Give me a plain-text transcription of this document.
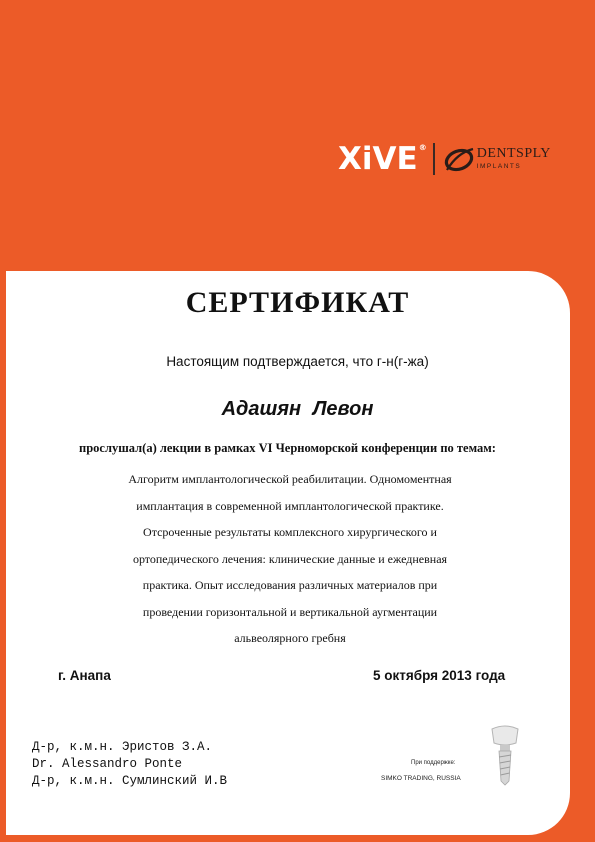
XiVE®	DENTSPLY
IMPLANTS
СЕРТИФИКАТ
Настоящим подтверждается, что г-н(г-жа)
Адашян Левон
прослушал(а) лекции в рамках VI Черноморской конференции по темам:
Алгоритм имплантологической реабилитации. Одномоментная
имплантация в современной имплантологической практике.
Отсроченные результаты комплексного хирургического и
ортопедического лечения: клинические данные и ежедневная
практика. Опыт исследования различных материалов при
проведении горизонтальной и вертикальной аугментации
альвеолярного гребня
г. Анапа	5 октября 2013 года
Д-р, к.м.н. Эристов З.А.
Dr. Alessandro Ponte
Д-р, к.м.н. Сумлинский И.В
При поддержке:
SIMKO TRADING, RUSSIA
